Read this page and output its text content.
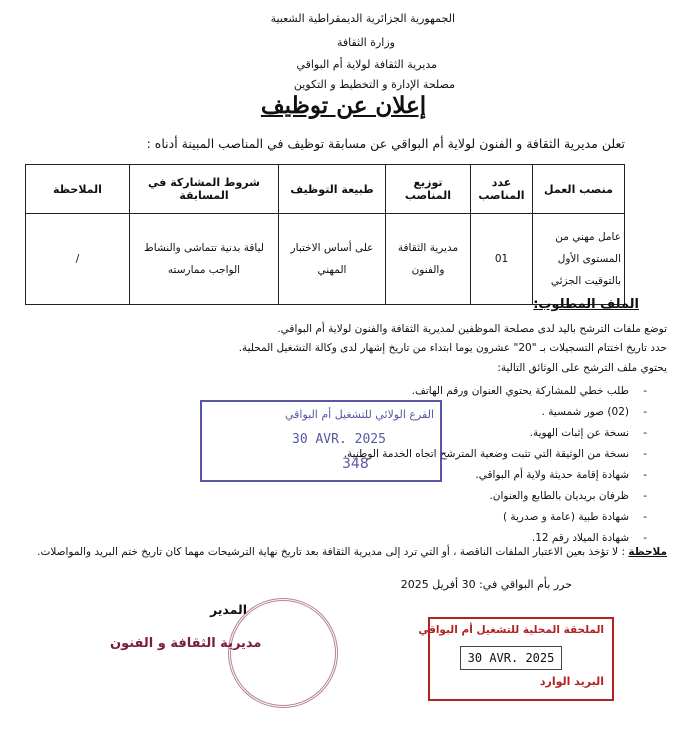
الجمهورية الجزائرية الديمقراطية الشعبية
وزارة الثقافة
مديرية الثقافة لولاية أم البواقي
مصلحة الإدارة و التخطيط و التكوين
إعلان عن توظيف
تعلن مديرية الثقافة و الفنون لولاية أم البواقي عن مسابقة توظيف في المناصب المبينة أدناه :
منصب العمل	عدد المناصب	توزيع المناصب	طبيعة التوظيف	شروط المشاركة في المسابقة	الملاحظة
عامل مهني من المستوى الأول بالتوقيت الجزئي	01	مديرية الثقافة والفنون	على أساس الاختبار المهني	لياقة بدنية تتماشى والنشاط الواجب ممارسته	/
الملف المطلوب:
توضع ملفات الترشح باليد لدى مصلحة الموظفين لمديرية الثقافة والفنون لولاية أم البواقي.
حدد تاريخ اختتام التسجيلات بـ "20" عشرون يوما ابتداء من تاريخ إشهار لدى وكالة التشغيل المحلية.
يحتوي ملف الترشح على الوثائق التالية:
- طلب خطي للمشاركة يحتوي العنوان ورقم الهاتف.
- (02) صور شمسية .
- نسخة عن إثبات الهوية.
- نسخة من الوثيقة التي تثبت وضعية المترشح اتجاه الخدمة الوطنية.
- شهادة إقامة حديثة ولاية أم البواقي.
- ظرفان بريديان بالطابع والعنوان.
- شهادة طبية (عامة و صدرية )
- شهادة الميلاد رقم 12.
ملاحظة : لا تؤخذ بعين الاعتبار الملفات الناقصة ، أو التي ترد إلى مديرية الثقافة بعد تاريخ نهاية الترشيحات مهما كان تاريخ ختم البريد والمواصلات.
حرر بأم البواقي في: 30 أفريل 2025
المدير
الفرع الولائي للتشغيل أم البواقي
30 AVR. 2025
348
مديرية الثقافة و الفنون
الملحقة المحلية للتشغيل أم البواقي
30 AVR. 2025
البريد الوارد
